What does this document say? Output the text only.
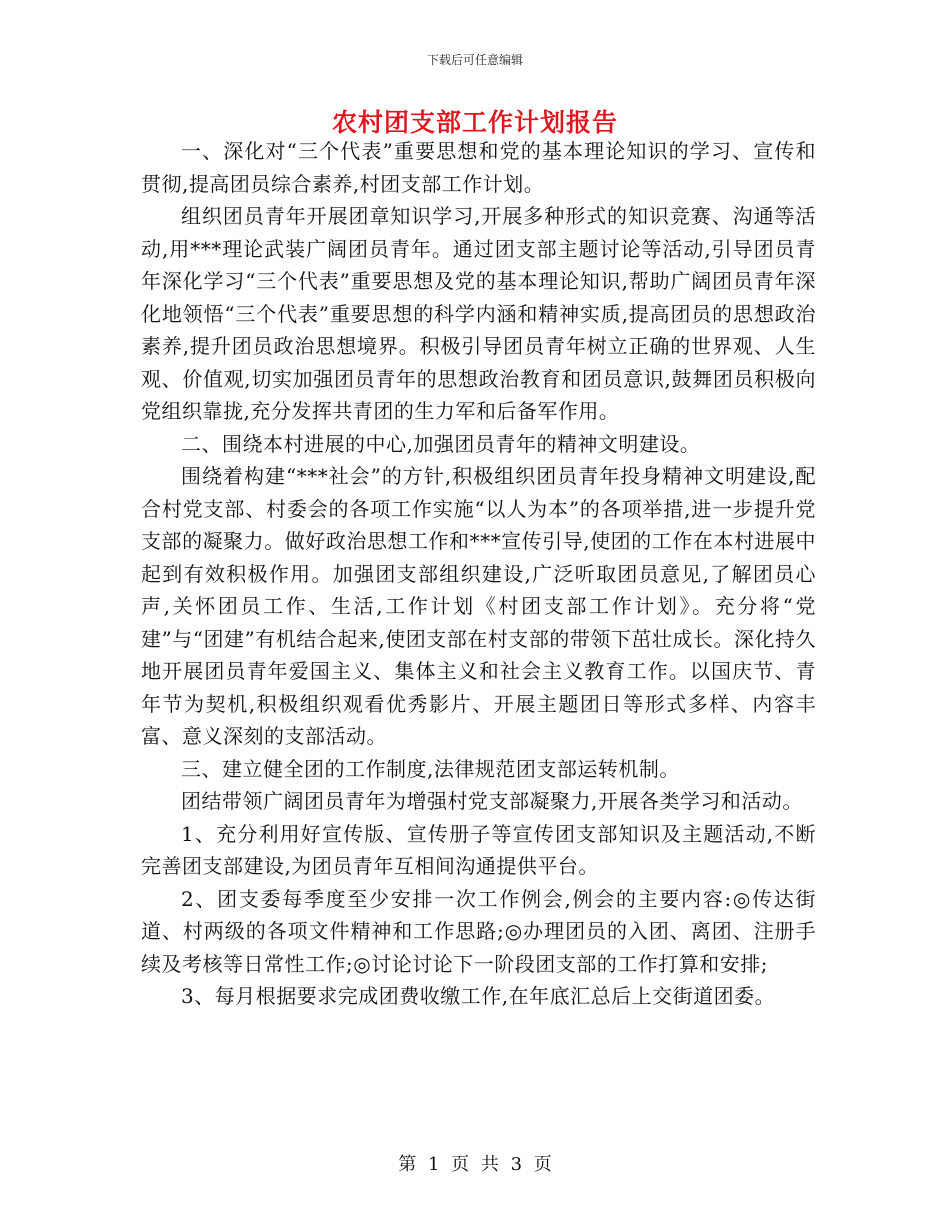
下载后可任意编辑
农村团支部工作计划报告

一、深化对“三个代表”重要思想和党的基本理论知识的学习、宣传和贯彻,提高团员综合素养,村团支部工作计划。

组织团员青年开展团章知识学习,开展多种形式的知识竞赛、沟通等活动,用***理论武装广阔团员青年。通过团支部主题讨论等活动,引导团员青年深化学习“三个代表”重要思想及党的基本理论知识,帮助广阔团员青年深化地领悟“三个代表”重要思想的科学内涵和精神实质,提高团员的思想政治素养,提升团员政治思想境界。积极引导团员青年树立正确的世界观、人生观、价值观,切实加强团员青年的思想政治教育和团员意识,鼓舞团员积极向党组织靠拢,充分发挥共青团的生力军和后备军作用。

二、围绕本村进展的中心,加强团员青年的精神文明建设。

围绕着构建“***社会”的方针,积极组织团员青年投身精神文明建设,配合村党支部、村委会的各项工作实施“以人为本”的各项举措,进一步提升党支部的凝聚力。做好政治思想工作和***宣传引导,使团的工作在本村进展中起到有效积极作用。加强团支部组织建设,广泛听取团员意见,了解团员心声,关怀团员工作、生活,工作计划《村团支部工作计划》。充分将“党建”与“团建”有机结合起来,使团支部在村支部的带领下茁壮成长。深化持久地开展团员青年爱国主义、集体主义和社会主义教育工作。以国庆节、青年节为契机,积极组织观看优秀影片、开展主题团日等形式多样、内容丰富、意义深刻的支部活动。

三、建立健全团的工作制度,法律规范团支部运转机制。

团结带领广阔团员青年为增强村党支部凝聚力,开展各类学习和活动。

1、充分利用好宣传版、宣传册子等宣传团支部知识及主题活动,不断完善团支部建设,为团员青年互相间沟通提供平台。

2、团支委每季度至少安排一次工作例会,例会的主要内容:◎传达街道、村两级的各项文件精神和工作思路;◎办理团员的入团、离团、注册手续及考核等日常性工作;◎讨论讨论下一阶段团支部的工作打算和安排;

3、每月根据要求完成团费收缴工作,在年底汇总后上交街道团委。

第 1 页 共 3 页
